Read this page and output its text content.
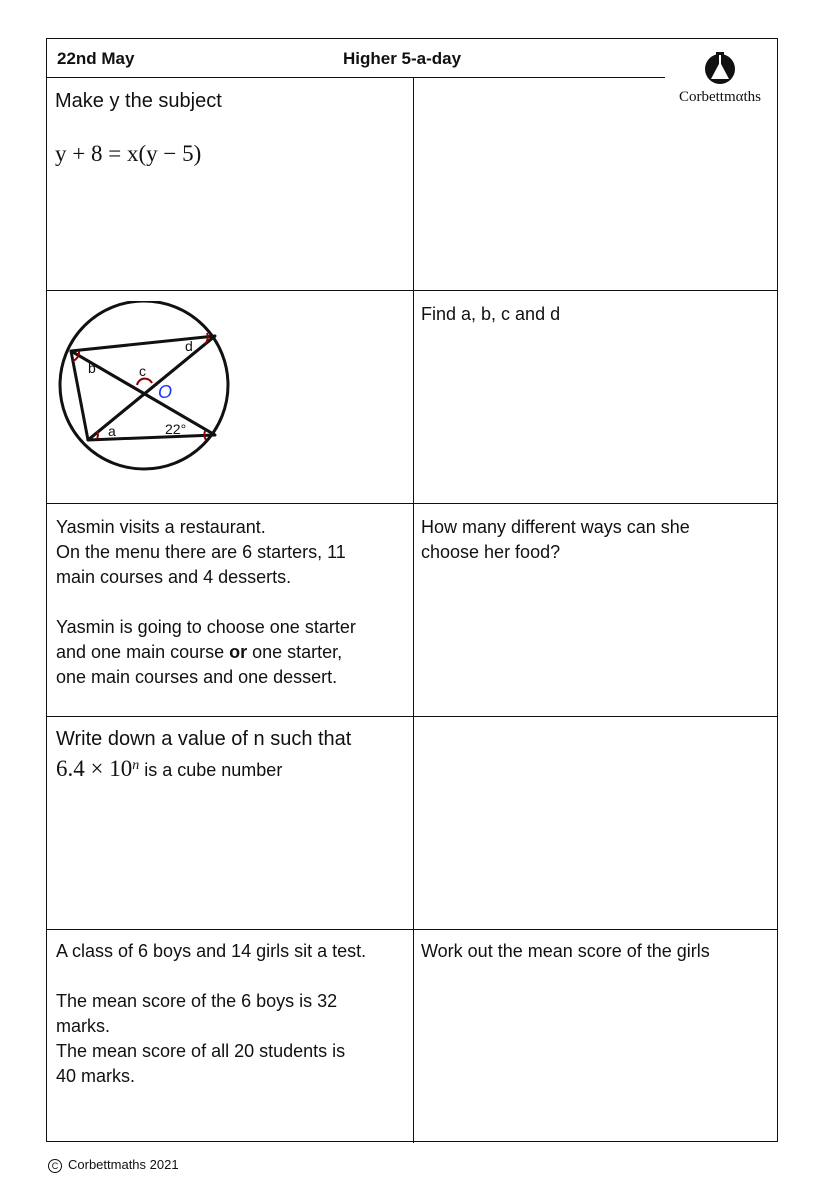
22nd May	Higher 5-a-day
Corbettmαths
Make y the subject
y + 8 = x(y − 5)
b
d
c
O
a	22°
Find a, b, c and d
Yasmin visits a restaurant.
On the menu there are 6 starters, 11
main courses and 4 desserts.
Yasmin is going to choose one starter
and one main course or one starter,
one main courses and one dessert.
How many different ways can she
choose her food?
Write down a value of n such that
$6.4 \times 10^n$ is a cube number
A class of 6 boys and 14 girls sit a test.
The mean score of the 6 boys is 32
marks.
The mean score of all 20 students is
40 marks.
Work out the mean score of the girls
C Corbettmaths 2021
